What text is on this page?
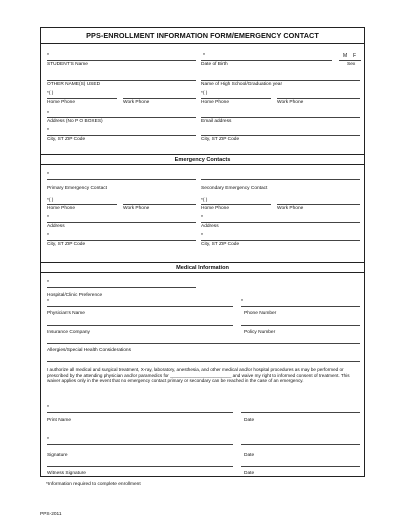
PPS-ENROLLMENT INFORMATION FORM/EMERGENCY CONTACT
*	*	M F
STUDENT'S Name	Date of Birth	Sex
OTHER NAME(S) USED	Name of High School/Graduation year
*( )	*( )
Home Phone	Work Phone	Home Phone	Work Phone
*
Address (No P O BOXES)	Email address
*
City, ST ZIP Code	City, ST ZIP Code
Emergency Contacts
*
Primary Emergency Contact	Secondary Emergency Contact
*( )	*( )
Home Phone	Work Phone	Home Phone	Work Phone
*	*
Address	Address
*	*
City, ST ZIP Code	City, ST ZIP Code
Medical Information
*
Hospital/Clinic Preference
*	*
Physician's Name	Phone Number
Insurance Company	Policy Number
Allergies/Special Health Considerations
I authorize all medical and surgical treatment, X-ray, laboratory, anesthesia, and other medical and/or hospital procedures as may be performed or prescribed by the attending physician and/or paramedics for ________________________ and waive my right to informed consent of treatment. This waiver applies only in the event that no emergency contact primary or secondary can be reached in the case of an emergency.
*
Print Name	Date
*
Signature	Date
Witness Signature	Date
*Information required to complete enrollment
PPS-2011
